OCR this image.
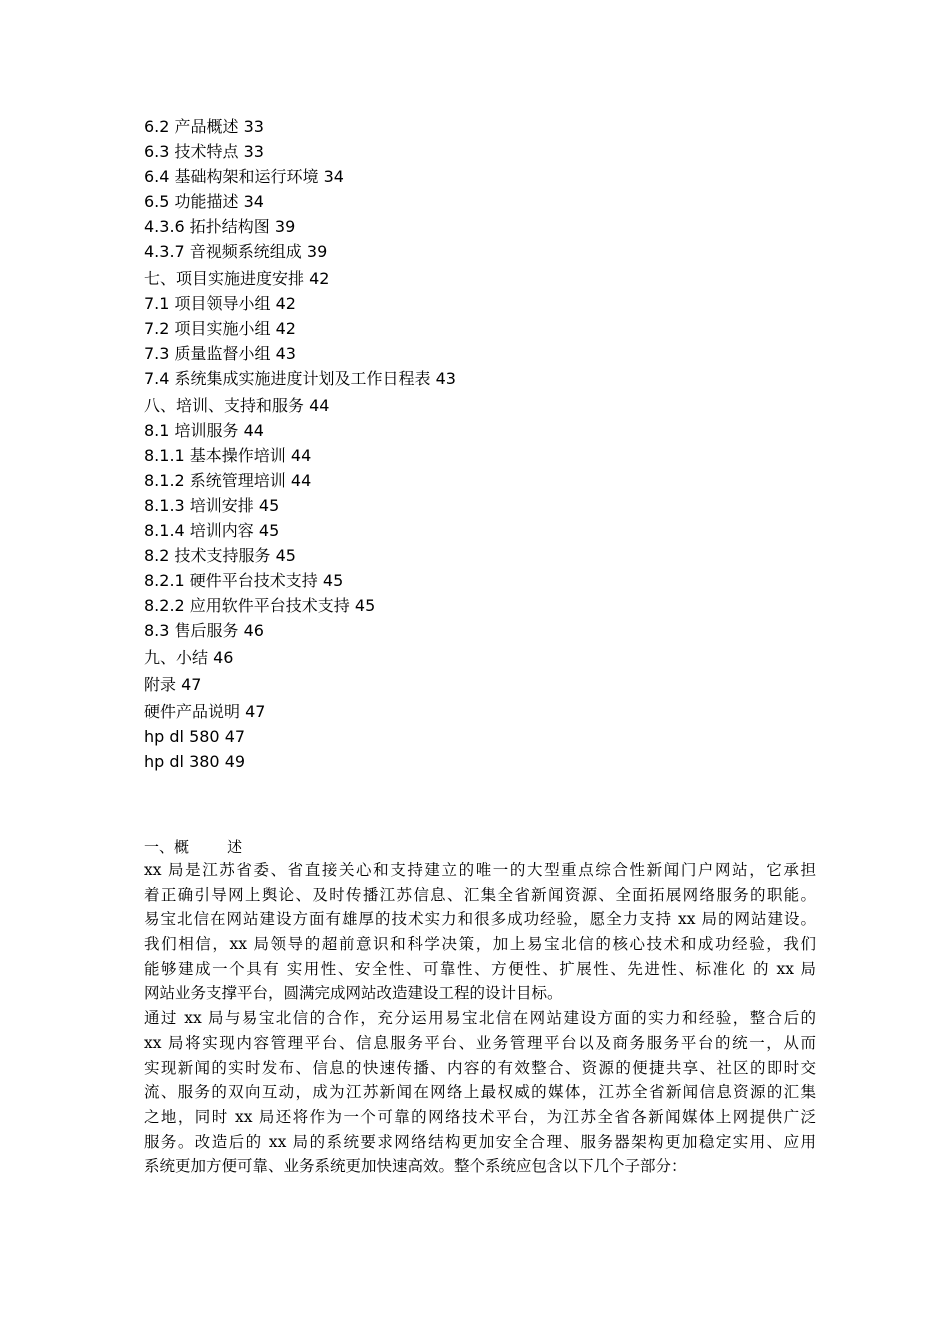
6.2 产品概述 33
6.3 技术特点 33
6.4 基础构架和运行环境 34
6.5 功能描述 34
4.3.6 拓扑结构图 39
4.3.7 音视频系统组成 39
七、项目实施进度安排 42
7.1 项目领导小组 42
7.2 项目实施小组 42
7.3 质量监督小组 43
7.4 系统集成实施进度计划及工作日程表 43
八、培训、支持和服务 44
8.1 培训服务 44
8.1.1 基本操作培训 44
8.1.2 系统管理培训 44
8.1.3 培训安排 45
8.1.4 培训内容 45
8.2 技术支持服务 45
8.2.1 硬件平台技术支持 45
8.2.2 应用软件平台技术支持 45
8.3 售后服务 46
九、小结 46
附录 47
硬件产品说明 47
hp dl 580 47
hp dl 380 49
一、概        述
xx 局是江苏省委、省直接关心和支持建立的唯一的大型重点综合性新闻门户网站，它承担
着正确引导网上舆论、及时传播江苏信息、汇集全省新闻资源、全面拓展网络服务的职能。
易宝北信在网站建设方面有雄厚的技术实力和很多成功经验，愿全力支持 xx 局的网站建设。
我们相信，xx 局领导的超前意识和科学决策，加上易宝北信的核心技术和成功经验，我们
能够建成一个具有 实用性、安全性、可靠性、方便性、扩展性、先进性、标准化 的 xx 局
网站业务支撑平台，圆满完成网站改造建设工程的设计目标。
通过 xx 局与易宝北信的合作，充分运用易宝北信在网站建设方面的实力和经验，整合后的
xx 局将实现内容管理平台、信息服务平台、业务管理平台以及商务服务平台的统一，从而
实现新闻的实时发布、信息的快速传播、内容的有效整合、资源的便捷共享、社区的即时交
流、服务的双向互动，成为江苏新闻在网络上最权威的媒体，江苏全省新闻信息资源的汇集
之地，同时 xx 局还将作为一个可靠的网络技术平台，为江苏全省各新闻媒体上网提供广泛
服务。改造后的 xx 局的系统要求网络结构更加安全合理、服务器架构更加稳定实用、应用
系统更加方便可靠、业务系统更加快速高效。整个系统应包含以下几个子部分：
